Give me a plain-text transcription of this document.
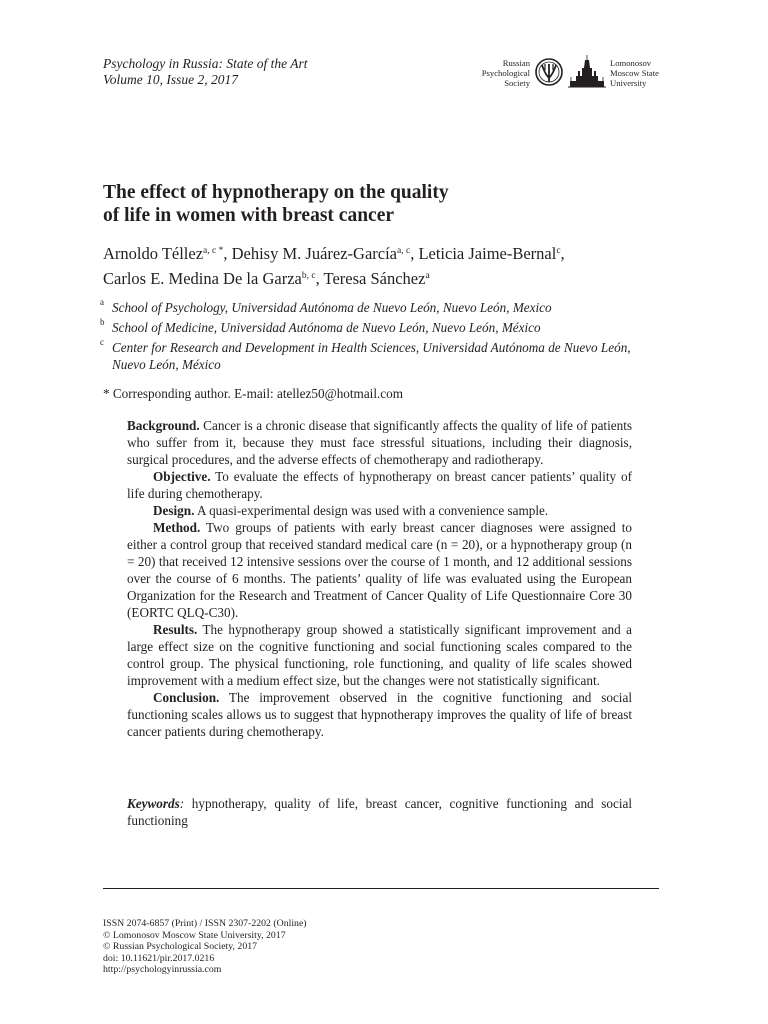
Psychology in Russia: State of the Art
Volume 10, Issue 2, 2017
Russian
Psychological
Society
Lomonosov
Moscow State
University
The effect of hypnotherapy on the quality
of life in women with breast cancer
Arnoldo Téllez$^{a, c *}$, Dehisy M. Juárez-García$^{a, c}$, Leticia Jaime-Bernal$^c$,
Carlos E. Medina De la Garza$^{b, c}$, Teresa Sánchez$^a$
a School of Psychology, Universidad Autónoma de Nuevo León, Nuevo León, Mexico
b School of Medicine, Universidad Autónoma de Nuevo León, Nuevo León, México
c Center for Research and Development in Health Sciences, Universidad Autónoma de Nuevo León, Nuevo León, México
* Corresponding author. E-mail: atellez50@hotmail.com

Background. Cancer is a chronic disease that significantly affects the quality of life of patients who suffer from it, because they must face stressful situations, including their diagnosis, surgical procedures, and the adverse effects of chemotherapy and radiotherapy.

Objective. To evaluate the effects of hypnotherapy on breast cancer patients’ quality of life during chemotherapy.

Design. A quasi-experimental design was used with a convenience sample.

Method. Two groups of patients with early breast cancer diagnoses were assigned to either a control group that received standard medical care (n = 20), or a hypnotherapy group (n = 20) that received 12 intensive sessions over the course of 1 month, and 12 additional sessions over the course of 6 months. The patients’ quality of life was evaluated using the European Organization for the Research and Treatment of Cancer Quality of Life Questionnaire Core 30 (EORTC QLQ-C30).

Results. The hypnotherapy group showed a statistically significant improvement and a large effect size on the cognitive functioning and social functioning scales compared to the control group. The physical functioning, role functioning, and quality of life scales showed improvement with a medium effect size, but the changes were not statistically significant.

Conclusion. The improvement observed in the cognitive functioning and social functioning scales allows us to suggest that hypnotherapy improves the quality of life of breast cancer patients during chemotherapy.

Keywords: hypnotherapy, quality of life, breast cancer, cognitive functioning and social functioning
ISSN 2074-6857 (Print) / ISSN 2307-2202 (Online)
© Lomonosov Moscow State University, 2017
© Russian Psychological Society, 2017
doi: 10.11621/pir.2017.0216
http://psychologyinrussia.com
